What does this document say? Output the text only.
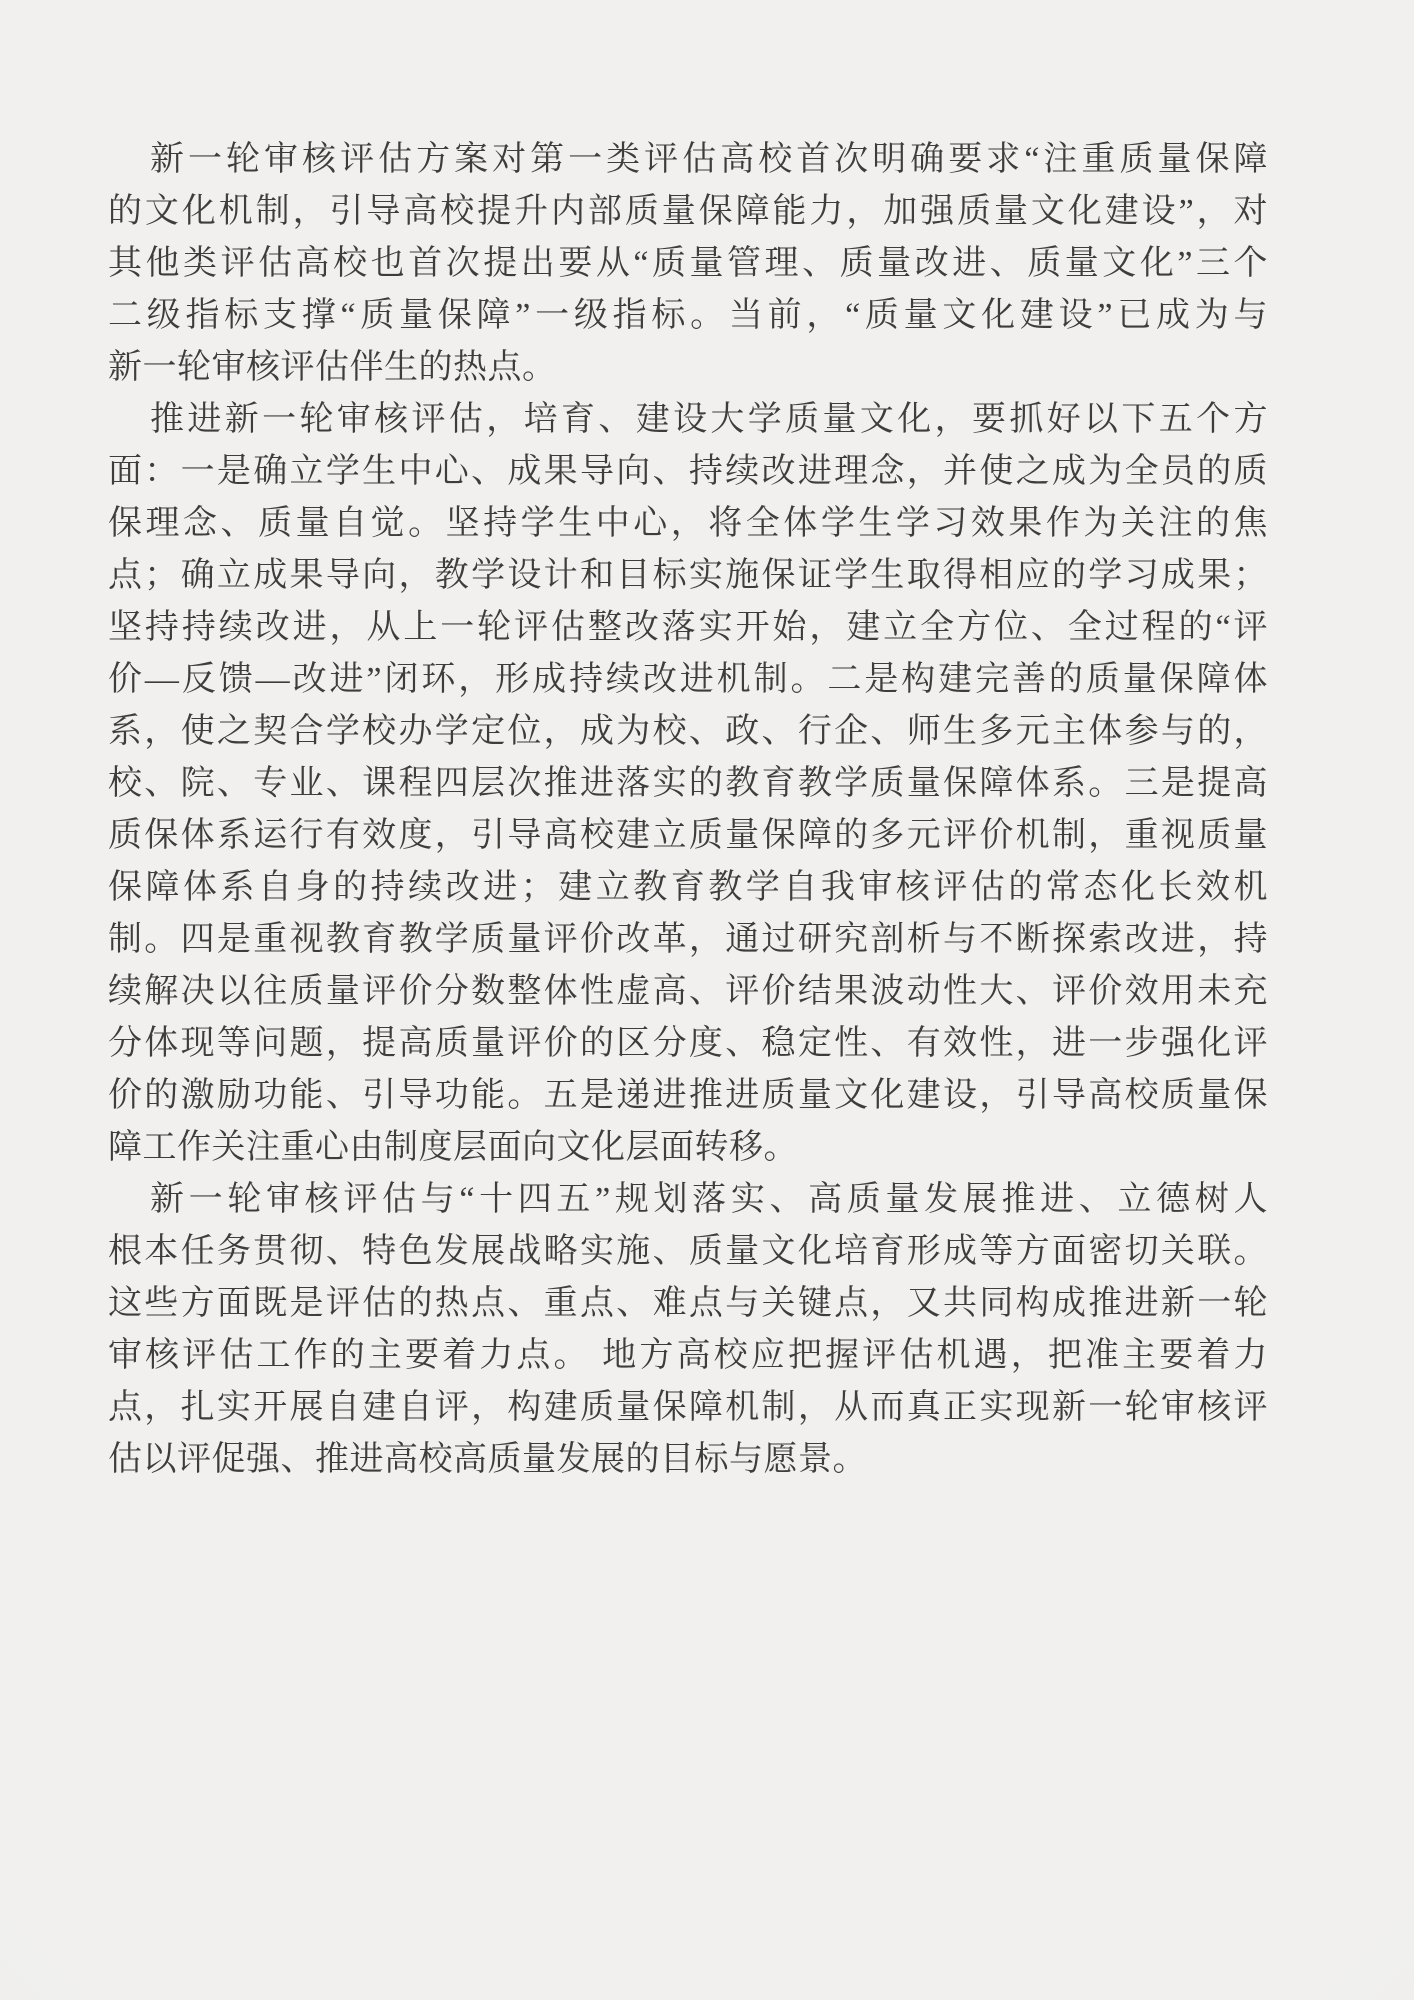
新一轮审核评估方案对第一类评估高校首次明确要求“注重质量保障
的文化机制，引导高校提升内部质量保障能力，加强质量文化建设”，对
其他类评估高校也首次提出要从“质量管理、质量改进、质量文化”三个
二级指标支撑“质量保障”一级指标。当前，“质量文化建设”已成为与
新一轮审核评估伴生的热点。
推进新一轮审核评估，培育、建设大学质量文化，要抓好以下五个方
面：一是确立学生中心、成果导向、持续改进理念，并使之成为全员的质
保理念、质量自觉。坚持学生中心，将全体学生学习效果作为关注的焦
点；确立成果导向，教学设计和目标实施保证学生取得相应的学习成果；
坚持持续改进，从上一轮评估整改落实开始，建立全方位、全过程的“评
价—反馈—改进”闭环，形成持续改进机制。二是构建完善的质量保障体
系，使之契合学校办学定位，成为校、政、行企、师生多元主体参与的，
校、院、专业、课程四层次推进落实的教育教学质量保障体系。三是提高
质保体系运行有效度，引导高校建立质量保障的多元评价机制，重视质量
保障体系自身的持续改进；建立教育教学自我审核评估的常态化长效机
制。四是重视教育教学质量评价改革，通过研究剖析与不断探索改进，持
续解决以往质量评价分数整体性虚高、评价结果波动性大、评价效用未充
分体现等问题，提高质量评价的区分度、稳定性、有效性，进一步强化评
价的激励功能、引导功能。五是递进推进质量文化建设，引导高校质量保
障工作关注重心由制度层面向文化层面转移。
新一轮审核评估与“十四五”规划落实、高质量发展推进、立德树人
根本任务贯彻、特色发展战略实施、质量文化培育形成等方面密切关联。
这些方面既是评估的热点、重点、难点与关键点，又共同构成推进新一轮
审核评估工作的主要着力点。 地方高校应把握评估机遇，把准主要着力
点，扎实开展自建自评，构建质量保障机制，从而真正实现新一轮审核评
估以评促强、推进高校高质量发展的目标与愿景。
